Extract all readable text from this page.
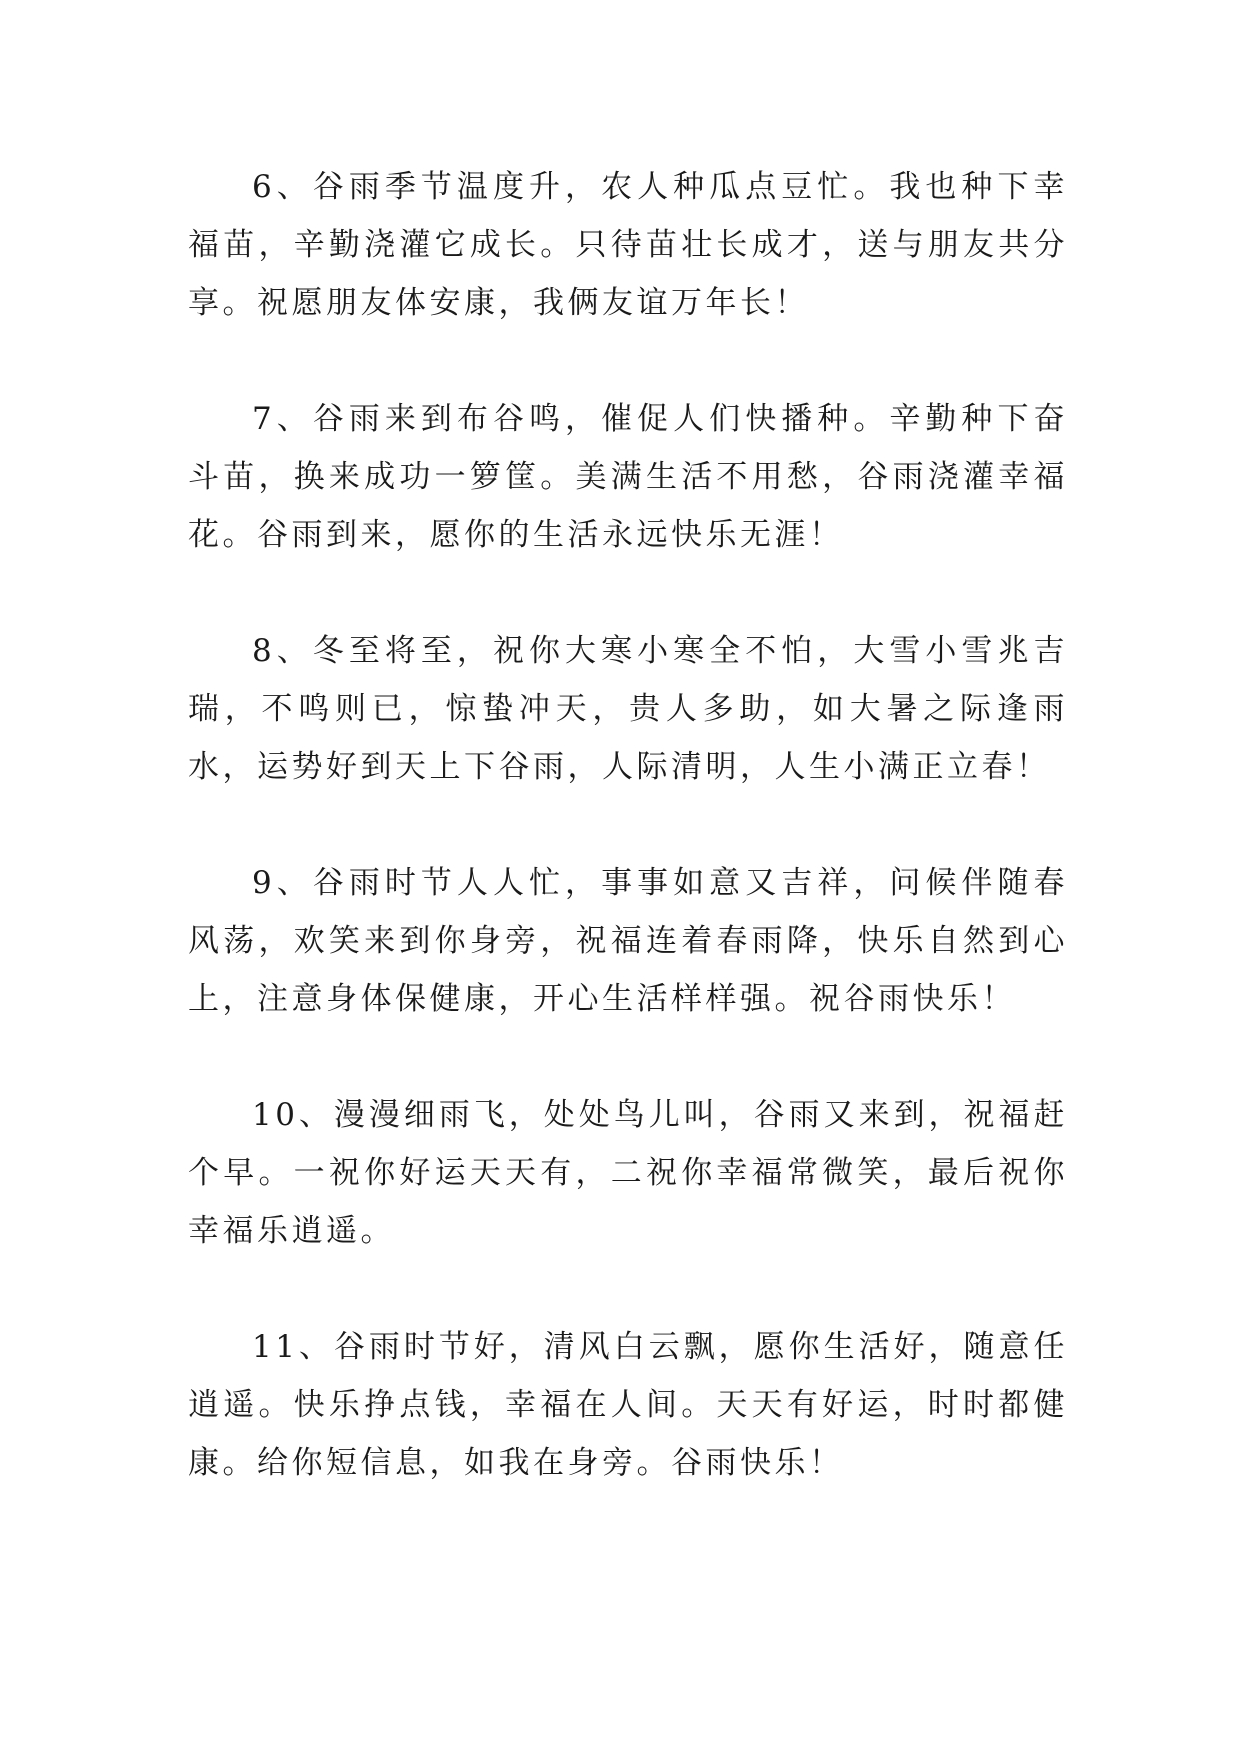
6、谷雨季节温度升，农人种瓜点豆忙。我也种下幸福苗，辛勤浇灌它成长。只待苗壮长成才，送与朋友共分享。祝愿朋友体安康，我俩友谊万年长！

7、谷雨来到布谷鸣，催促人们快播种。辛勤种下奋斗苗，换来成功一箩筐。美满生活不用愁，谷雨浇灌幸福花。谷雨到来，愿你的生活永远快乐无涯！

8、冬至将至，祝你大寒小寒全不怕，大雪小雪兆吉瑞，不鸣则已，惊蛰冲天，贵人多助，如大暑之际逢雨水，运势好到天上下谷雨，人际清明，人生小满正立春！

9、谷雨时节人人忙，事事如意又吉祥，问候伴随春风荡，欢笑来到你身旁，祝福连着春雨降，快乐自然到心上，注意身体保健康，开心生活样样强。祝谷雨快乐！

10、漫漫细雨飞，处处鸟儿叫，谷雨又来到，祝福赶个早。一祝你好运天天有，二祝你幸福常微笑，最后祝你幸福乐逍遥。

11、谷雨时节好，清风白云飘，愿你生活好，随意任逍遥。快乐挣点钱，幸福在人间。天天有好运，时时都健康。给你短信息，如我在身旁。谷雨快乐！
